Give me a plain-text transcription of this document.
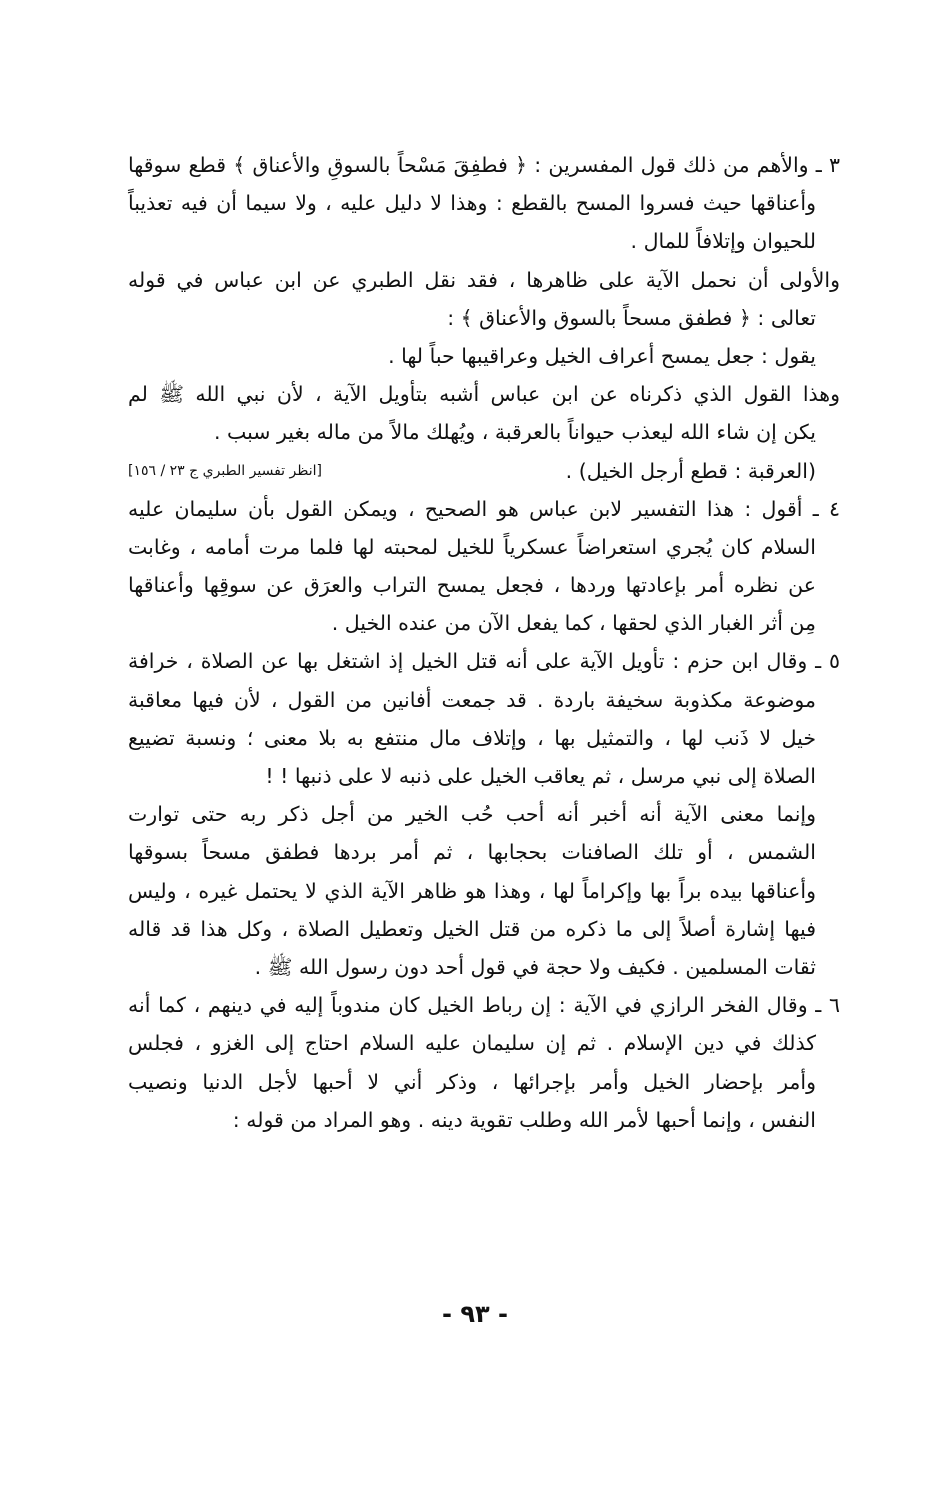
٣ ـ والأهم من ذلك قول المفسرين : ﴿ فطفِقَ مَسْحاً بالسوقِ والأعناق ﴾ قطع سوقها
وأعناقها حيث فسروا المسح بالقطع : وهذا لا دليل عليه ، ولا سيما أن فيه تعذيباً
للحيوان وإتلافاً للمال .
والأولى أن نحمل الآية على ظاهرها ، فقد نقل الطبري عن ابن عباس في قوله
تعالى : ﴿ فطفق مسحاً بالسوق والأعناق ﴾ :
يقول : جعل يمسح أعراف الخيل وعراقيبها حباً لها .
وهذا القول الذي ذكرناه عن ابن عباس أشبه بتأويل الآية ، لأن نبي الله ﷺ لم
يكن إن شاء الله ليعذب حيواناً بالعرقبة ، ويُهلك مالاً من ماله بغير سبب .
(العرقبة : قطع أرجل الخيل) .
[انظر تفسير الطبري ج ٢٣ / ١٥٦]
٤ ـ أقول : هذا التفسير لابن عباس هو الصحيح ، ويمكن القول بأن سليمان عليه
السلام كان يُجري استعراضاً عسكرياً للخيل لمحبته لها فلما مرت أمامه ، وغابت
عن نظره أمر بإعادتها وردها ، فجعل يمسح التراب والعرَق عن سوقِها وأعناقها
مِن أثر الغبار الذي لحقها ، كما يفعل الآن من عنده الخيل .
٥ ـ وقال ابن حزم : تأويل الآية على أنه قتل الخيل إذ اشتغل بها عن الصلاة ، خرافة
موضوعة مكذوبة سخيفة باردة . قد جمعت أفانين من القول ، لأن فيها معاقبة
خيل لا ذَنب لها ، والتمثيل بها ، وإتلاف مال منتفع به بلا معنى ؛ ونسبة تضييع
الصلاة إلى نبي مرسل ، ثم يعاقب الخيل على ذنبه لا على ذنبها ! !
وإنما معنى الآية أنه أخبر أنه أحب حُب الخير من أجل ذكر ربه حتى توارت
الشمس ، أو تلك الصافنات بحجابها ، ثم أمر بردها فطفق مسحاً بسوقها
وأعناقها بيده براً بها وإكراماً لها ، وهذا هو ظاهر الآية الذي لا يحتمل غيره ، وليس
فيها إشارة أصلاً إلى ما ذكره من قتل الخيل وتعطيل الصلاة ، وكل هذا قد قاله
ثقات المسلمين . فكيف ولا حجة في قول أحد دون رسول الله ﷺ .
٦ ـ وقال الفخر الرازي في الآية : إن رباط الخيل كان مندوباً إليه في دينهم ، كما أنه
كذلك في دين الإسلام . ثم إن سليمان عليه السلام احتاج إلى الغزو ، فجلس
وأمر بإحضار الخيل وأمر بإجرائها ، وذكر أني لا أحبها لأجل الدنيا ونصيب
النفس ، وإنما أحبها لأمر الله وطلب تقوية دينه . وهو المراد من قوله :
- ٩٣ -
